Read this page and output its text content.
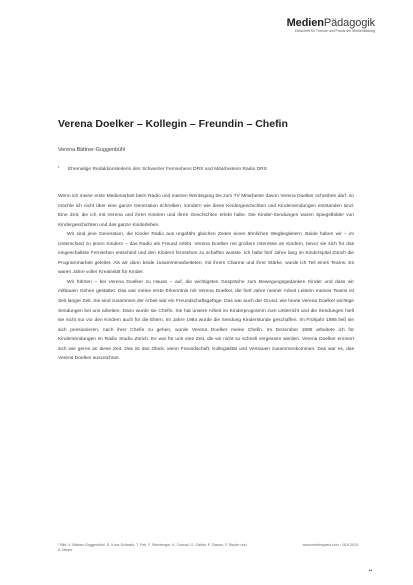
MedienPädagogik
Zeitschrift für Theorie und Praxis der Medienbildung
Verena Doelker – Kollegin – Freundin – Chefin
Verena Bättner-Guggenbühl
¹ Ehemalige Redaktionsleiterin des Schweizer Fernsehens DRS und Mitarbeiterin Radio DRS

Wenn ich meine erste Medienarbeit beim Radio und meinen Werdegang bis zum TV Mitarbeiter davon Verena Doelker schreiben darf, so möchte ich nicht über eine ganze Generation schreiben, sondern wie diese Kindergeschichten und Kindersendungen entstanden sind. Eine Zeit, die ich mit Verena und ihren Kindern und ihren Geschichten erlebt habe. Die Kinder-Sendungen waren Spiegelbilder von Kindergeschichten und das ganze Kinderleben.

Wir sind jene Generation, die Kinder Radio aus ungefähr gleichen Zeiten einen ähnlichen Wegbegleitern. Beide haben wir – im Unterschied zu jenen Kindern – das Radio als Freund erlebt. Verena Doelker mit großem Interesse an Kindern, bevor sie sich für das eingeschaltete Fernsehen entschied und den Kindern fernsehen zu schaffen wusste. Ich habe fünf Jahre lang im Kinderspital Zürich die Programmarbeit geleitet. Als wir dann beide zusammenarbeiteten, mit ihrem Charme und ihrer Stärke, wurde ich Teil eines Teams. Es waren Jahre voller Kreativität für Kinder.

Wir führten – bei Verena Doelker zu Hause – auf, die wichtigsten Gespräche zum Bewegungsgedanken Kinder und dass wir mitbauen Gehen gestattet. Das war meine erste Erkenntnis mit Verena Doelker, die fünf Jahre meiner Arbeit Leiterin meines Teams ist Seit langer Zeit. Sie sind zusammen der Arbeit war ein Freundschaftsgefüge. Das war auch der Grund, wie heute Verena Doelker wichtige Sendungen bei uns arbeiten. Dann wurde sie Chefin. Sie hat unsere Arbeit im Kinderprogramm zum Unterricht und die Sendungen hielt sie nicht nur vor den Kindern auch für die Eltern. Im Jahre 1984 wurde die Sendung Kinderstunde geschaffen. Im Frühjahr 1985 ließ sie sich pensionieren, nach ihrer Chefin zu gehen, wurde Verena Doelker meine Chefin. Im Dezember 1985 arbeitete ich für Kindersendungen im Radio Studio Zürich. Es war für uns eine Zeit, die wir nicht so schnell vergessen werden. Verena Doelker erinnert sich wie gerne an diese Zeit. Das ist das Glück, wenn Freundschaft, Kollegialität und Vertrauen zusammenkommen. Das war es, das Verena Doelker auszeichnet.

¹ Bild: V. Bättner-Guggenbühl, R. Kunz-Schwald, T. Frei, F. Steinberger, K. Conrad, G. Gähler, P. Gasser, F. Studer und A. Meyer
www.medienpaed.com › 18.6.2015
••
